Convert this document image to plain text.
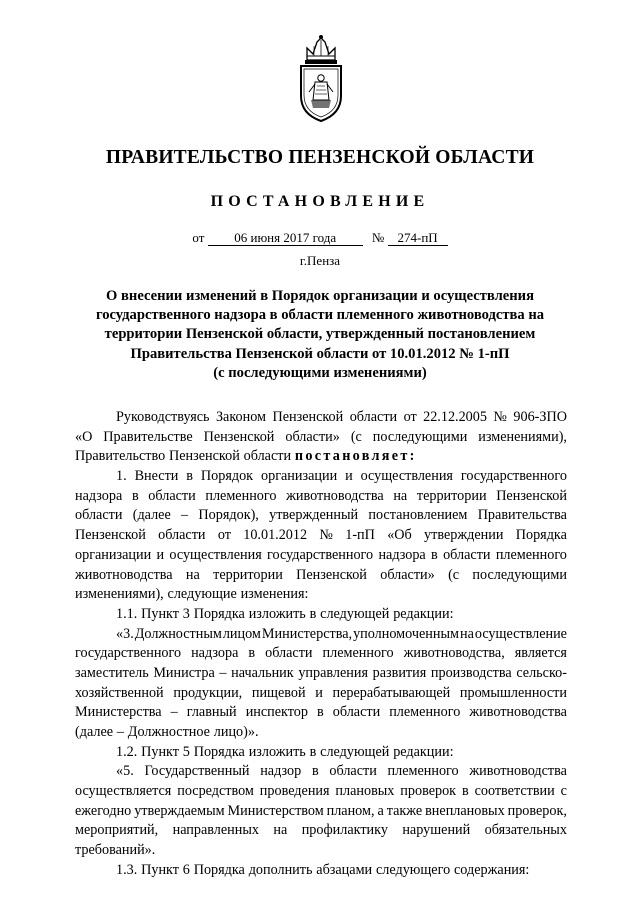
ПРАВИТЕЛЬСТВО ПЕНЗЕНСКОЙ ОБЛАСТИ
ПОСТАНОВЛЕНИЕ
от 06 июня 2017 года	№ 274-пП
г.Пенза
О внесении изменений в Порядок организации и осуществления
государственного надзора в области племенного животноводства на
территории Пензенской области, утвержденный постановлением
Правительства Пензенской области от 10.01.2012 № 1-пП
(с последующими изменениями)
Руководствуясь Законом Пензенской области от 22.12.2005 № 906-ЗПО
«О Правительстве Пензенской области» (с последующими изменениями),
Правительство Пензенской области постановляет:
1. Внести в Порядок организации и осуществления государственного
надзора в области племенного животноводства на территории Пензенской
области (далее – Порядок), утвержденный постановлением Правительства
Пензенской области от 10.01.2012 № 1-пП «Об утверждении Порядка
организации и осуществления государственного надзора в области племенного
животноводства на территории Пензенской области» (с последующими
изменениями), следующие изменения:
1.1. Пункт 3 Порядка изложить в следующей редакции:
«3. Должностным лицом Министерства, уполномоченным на осуществление
государственного надзора в области племенного животноводства, является
заместитель Министра – начальник управления развития производства сельско-
хозяйственной продукции, пищевой и перерабатывающей промышленности
Министерства – главный инспектор в области племенного животноводства
(далее – Должностное лицо)».
1.2. Пункт 5 Порядка изложить в следующей редакции:
«5. Государственный надзор в области племенного животноводства
осуществляется посредством проведения плановых проверок в соответствии с
ежегодно утверждаемым Министерством планом, а также внеплановых проверок,
мероприятий, направленных на профилактику нарушений обязательных
требований».
1.3. Пункт 6 Порядка дополнить абзацами следующего содержания:
